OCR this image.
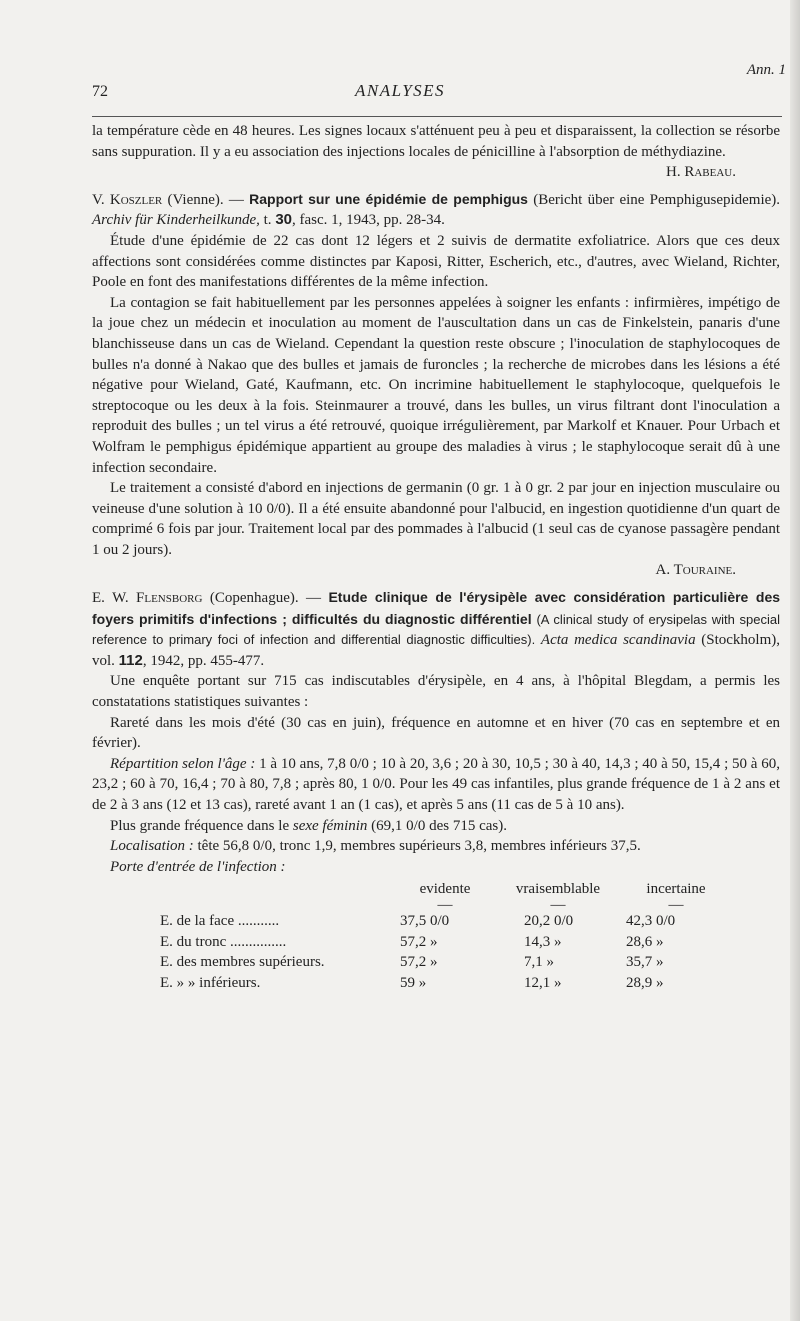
Ann. 1
72	ANALYSES

la température cède en 48 heures. Les signes locaux s'atténuent peu à peu et disparaissent, la collection se résorbe sans suppuration. Il y a eu association des injections locales de pénicilline à l'absorption de méthydiazine.

H. Rabeau.

V. Koszler (Vienne). — Rapport sur une épidémie de pemphigus (Bericht über eine Pemphigusepidemie). Archiv für Kinderheilkunde, t. 30, fasc. 1, 1943, pp. 28-34.

Étude d'une épidémie de 22 cas dont 12 légers et 2 suivis de dermatite exfoliatrice. Alors que ces deux affections sont considérées comme distinctes par Kaposi, Ritter, Escherich, etc., d'autres, avec Wieland, Richter, Poole en font des manifestations différentes de la même infection.

La contagion se fait habituellement par les personnes appelées à soigner les enfants : infirmières, impétigo de la joue chez un médecin et inoculation au moment de l'auscultation dans un cas de Finkelstein, panaris d'une blanchisseuse dans un cas de Wieland. Cependant la question reste obscure ; l'inoculation de staphylocoques de bulles n'a donné à Nakao que des bulles et jamais de furoncles ; la recherche de microbes dans les lésions a été négative pour Wieland, Gaté, Kaufmann, etc. On incrimine habituellement le staphylocoque, quelquefois le streptocoque ou les deux à la fois. Steinmaurer a trouvé, dans les bulles, un virus filtrant dont l'inoculation a reproduit des bulles ; un tel virus a été retrouvé, quoique irrégulièrement, par Markolf et Knauer. Pour Urbach et Wolfram le pemphigus épidémique appartient au groupe des maladies à virus ; le staphylocoque serait dû à une infection secondaire.

Le traitement a consisté d'abord en injections de germanin (0 gr. 1 à 0 gr. 2 par jour en injection musculaire ou veineuse d'une solution à 10 0/0). Il a été ensuite abandonné pour l'albucid, en ingestion quotidienne d'un quart de comprimé 6 fois par jour. Traitement local par des pommades à l'albucid (1 seul cas de cyanose passagère pendant 1 ou 2 jours).

A. Touraine.

E. W. Flensborg (Copenhague). — Etude clinique de l'érysipèle avec considération particulière des foyers primitifs d'infections ; difficultés du diagnostic différentiel (A clinical study of erysipelas with special reference to primary foci of infection and differential diagnostic difficulties). Acta medica scandinavia (Stockholm), vol. 112, 1942, pp. 455-477.

Une enquête portant sur 715 cas indiscutables d'érysipèle, en 4 ans, à l'hôpital Blegdam, a permis les constatations statistiques suivantes :

Rareté dans les mois d'été (30 cas en juin), fréquence en automne et en hiver (70 cas en septembre et en février).

Répartition selon l'âge : 1 à 10 ans, 7,8 0/0 ; 10 à 20, 3,6 ; 20 à 30, 10,5 ; 30 à 40, 14,3 ; 40 à 50, 15,4 ; 50 à 60, 23,2 ; 60 à 70, 16,4 ; 70 à 80, 7,8 ; après 80, 1 0/0. Pour les 49 cas infantiles, plus grande fréquence de 1 à 2 ans et de 2 à 3 ans (12 et 13 cas), rareté avant 1 an (1 cas), et après 5 ans (11 cas de 5 à 10 ans).

Plus grande fréquence dans le sexe féminin (69,1 0/0 des 715 cas).

Localisation : tête 56,8 0/0, tronc 1,9, membres supérieurs 3,8, membres inférieurs 37,5.

Porte d'entrée de l'infection :

	evidente	vraisemblable	incertaine
	—	—	—
E. de la face ...........	37,5 0/0	20,2 0/0	42,3 0/0
E. du tronc ...............	57,2 »	14,3 »	28,6 »
E. des membres supérieurs.	57,2 »	7,1 »	35,7 »
E. » » inférieurs.	59 »	12,1 »	28,9 »
